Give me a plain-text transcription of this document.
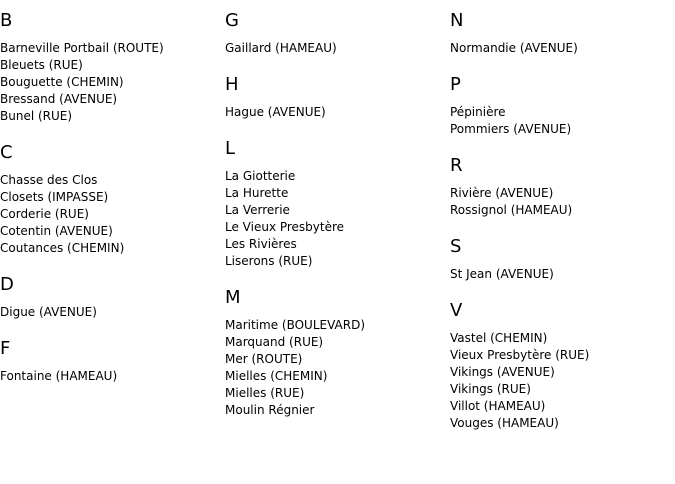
B
Barneville Portbail (ROUTE)
Bleuets (RUE)
Bouguette (CHEMIN)
Bressand (AVENUE)
Bunel (RUE)
C
Chasse des Clos
Closets (IMPASSE)
Corderie (RUE)
Cotentin (AVENUE)
Coutances (CHEMIN)
D
Digue (AVENUE)
F
Fontaine (HAMEAU)
G
Gaillard (HAMEAU)
H
Hague (AVENUE)
L
La Giotterie
La Hurette
La Verrerie
Le Vieux Presbytère
Les Rivières
Liserons (RUE)
M
Maritime (BOULEVARD)
Marquand (RUE)
Mer (ROUTE)
Mielles (CHEMIN)
Mielles (RUE)
Moulin Régnier
N
Normandie (AVENUE)
P
Pépinière
Pommiers (AVENUE)
R
Rivière (AVENUE)
Rossignol (HAMEAU)
S
St Jean (AVENUE)
V
Vastel (CHEMIN)
Vieux Presbytère (RUE)
Vikings (AVENUE)
Vikings (RUE)
Villot (HAMEAU)
Vouges (HAMEAU)
